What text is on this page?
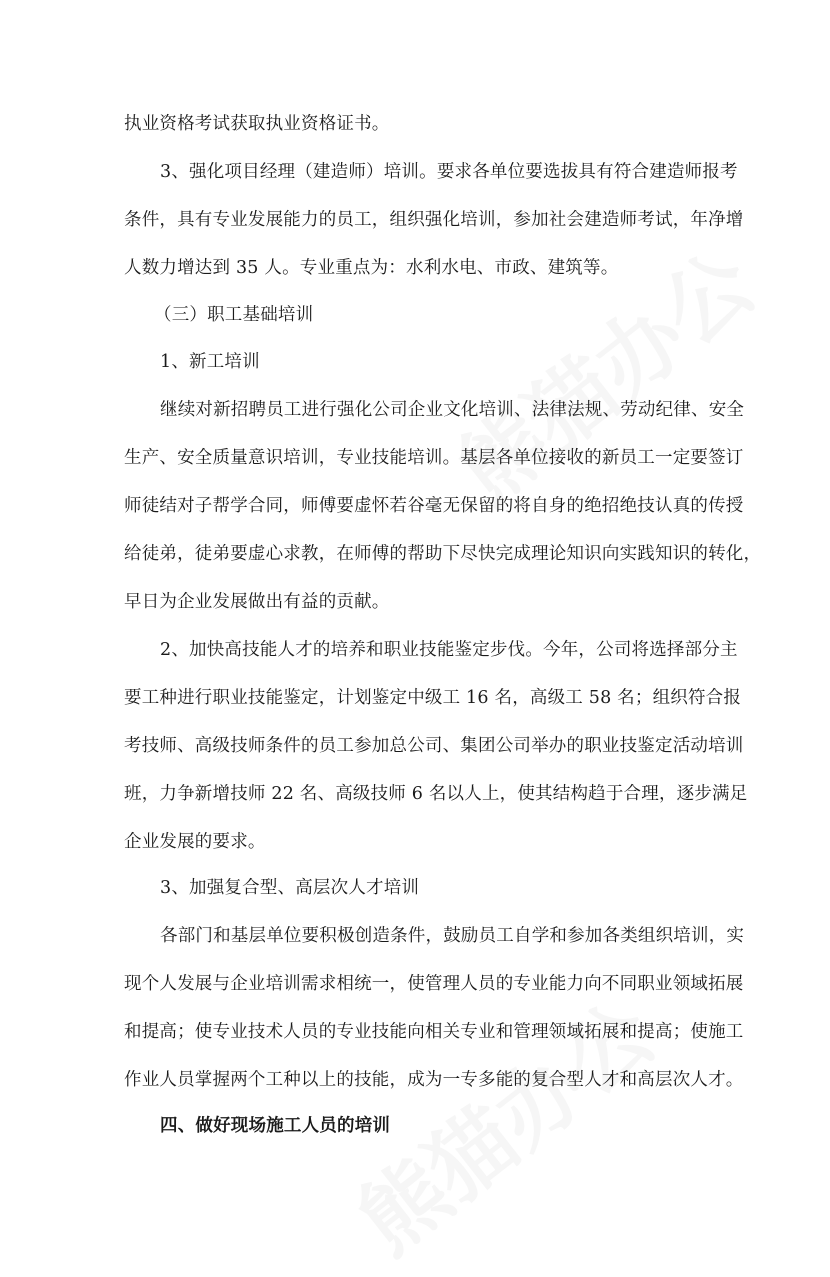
执业资格考试获取执业资格证书。
3、强化项目经理（建造师）培训。要求各单位要选拔具有符合建造师报考
条件，具有专业发展能力的员工，组织强化培训，参加社会建造师考试，年净增
人数力增达到 35 人。专业重点为：水利水电、市政、建筑等。
（三）职工基础培训
1、新工培训
继续对新招聘员工进行强化公司企业文化培训、法律法规、劳动纪律、安全
生产、安全质量意识培训，专业技能培训。基层各单位接收的新员工一定要签订
师徒结对子帮学合同，师傅要虚怀若谷毫无保留的将自身的绝招绝技认真的传授
给徒弟，徒弟要虚心求教，在师傅的帮助下尽快完成理论知识向实践知识的转化，
早日为企业发展做出有益的贡献。
2、加快高技能人才的培养和职业技能鉴定步伐。今年，公司将选择部分主
要工种进行职业技能鉴定，计划鉴定中级工 16 名，高级工 58 名；组织符合报
考技师、高级技师条件的员工参加总公司、集团公司举办的职业技鉴定活动培训
班，力争新增技师 22 名、高级技师 6 名以人上，使其结构趋于合理，逐步满足
企业发展的要求。
3、加强复合型、高层次人才培训
各部门和基层单位要积极创造条件，鼓励员工自学和参加各类组织培训，实
现个人发展与企业培训需求相统一，使管理人员的专业能力向不同职业领域拓展
和提高；使专业技术人员的专业技能向相关专业和管理领域拓展和提高；使施工
作业人员掌握两个工种以上的技能，成为一专多能的复合型人才和高层次人才。
四、做好现场施工人员的培训
